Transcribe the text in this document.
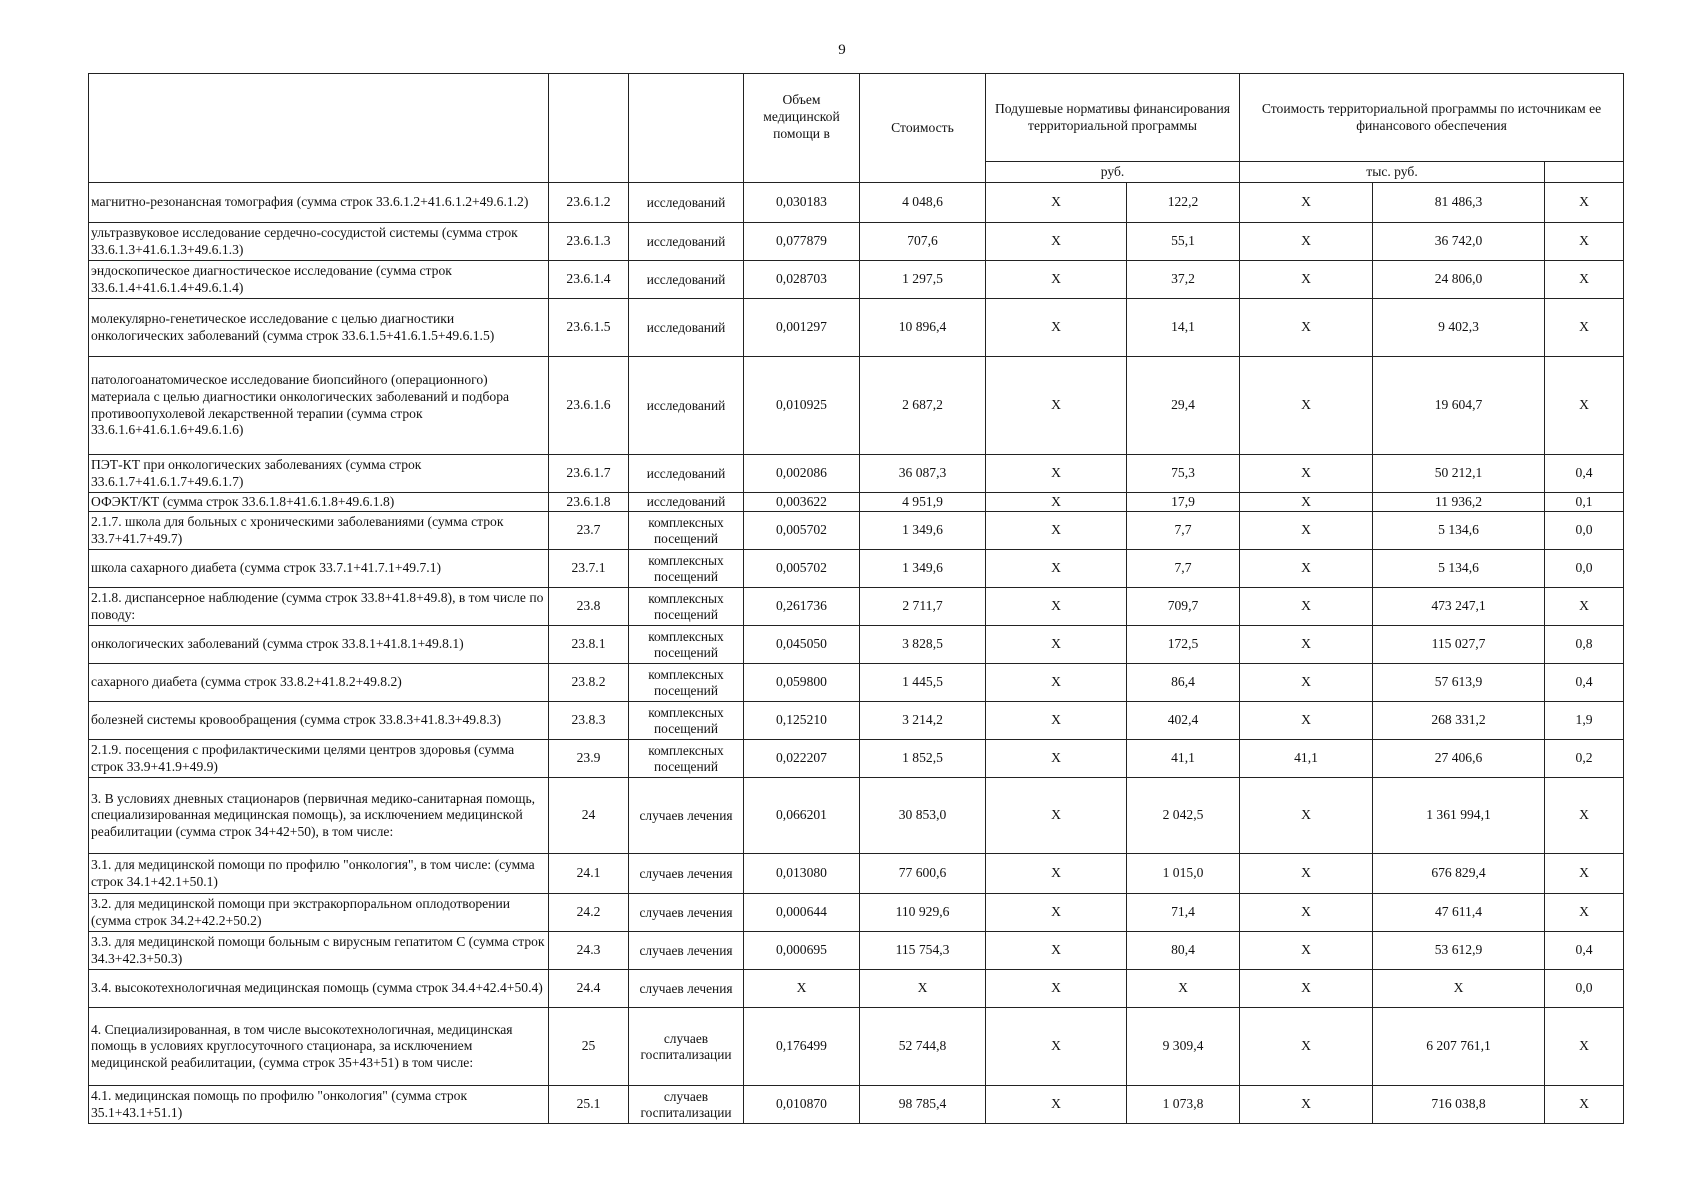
9

			Объем медицинской помощи в	Стоимость	Подушевые нормативы финансирования территориальной программы		Стоимость территориальной программы по источникам ее финансового обеспечения		
					руб.		тыс. руб.		
магнитно-резонансная томография (сумма строк 33.6.1.2+41.6.1.2+49.6.1.2)	23.6.1.2	исследований	0,030183	4 048,6	X	122,2	X	81 486,3	X
ультразвуковое исследование сердечно-сосудистой системы (сумма строк 33.6.1.3+41.6.1.3+49.6.1.3)	23.6.1.3	исследований	0,077879	707,6	X	55,1	X	36 742,0	X
эндоскопическое диагностическое исследование (сумма строк 33.6.1.4+41.6.1.4+49.6.1.4)	23.6.1.4	исследований	0,028703	1 297,5	X	37,2	X	24 806,0	X
молекулярно-генетическое исследование с целью диагностики онкологических заболеваний (сумма строк 33.6.1.5+41.6.1.5+49.6.1.5)	23.6.1.5	исследований	0,001297	10 896,4	X	14,1	X	9 402,3	X
патологоанатомическое исследование биопсийного (операционного) материала с целью диагностики онкологических заболеваний и подбора противоопухолевой лекарственной терапии (сумма строк 33.6.1.6+41.6.1.6+49.6.1.6)	23.6.1.6	исследований	0,010925	2 687,2	X	29,4	X	19 604,7	X
ПЭТ-КТ при онкологических заболеваниях (сумма строк 33.6.1.7+41.6.1.7+49.6.1.7)	23.6.1.7	исследований	0,002086	36 087,3	X	75,3	X	50 212,1	0,4
ОФЭКТ/КТ (сумма строк 33.6.1.8+41.6.1.8+49.6.1.8)	23.6.1.8	исследований	0,003622	4 951,9	X	17,9	X	11 936,2	0,1
2.1.7. школа для больных с хроническими заболеваниями (сумма строк 33.7+41.7+49.7)	23.7	комплексных посещений	0,005702	1 349,6	X	7,7	X	5 134,6	0,0
школа сахарного диабета (сумма строк 33.7.1+41.7.1+49.7.1)	23.7.1	комплексных посещений	0,005702	1 349,6	X	7,7	X	5 134,6	0,0
2.1.8. диспансерное наблюдение (сумма строк 33.8+41.8+49.8), в том числе по поводу:	23.8	комплексных посещений	0,261736	2 711,7	X	709,7	X	473 247,1	X
онкологических заболеваний (сумма строк 33.8.1+41.8.1+49.8.1)	23.8.1	комплексных посещений	0,045050	3 828,5	X	172,5	X	115 027,7	0,8
сахарного диабета (сумма строк 33.8.2+41.8.2+49.8.2)	23.8.2	комплексных посещений	0,059800	1 445,5	X	86,4	X	57 613,9	0,4
болезней системы кровообращения (сумма строк 33.8.3+41.8.3+49.8.3)	23.8.3	комплексных посещений	0,125210	3 214,2	X	402,4	X	268 331,2	1,9
2.1.9. посещения с профилактическими целями центров здоровья (сумма строк 33.9+41.9+49.9)	23.9	комплексных посещений	0,022207	1 852,5	X	41,1	41,1	27 406,6	0,2
3. В условиях дневных стационаров (первичная медико-санитарная помощь, специализированная медицинская помощь), за исключением медицинской реабилитации (сумма строк 34+42+50), в том числе:	24	случаев лечения	0,066201	30 853,0	X	2 042,5	X	1 361 994,1	X
3.1. для медицинской помощи по профилю "онкология", в том числе: (сумма строк 34.1+42.1+50.1)	24.1	случаев лечения	0,013080	77 600,6	X	1 015,0	X	676 829,4	X
3.2. для медицинской помощи при экстракорпоральном оплодотворении (сумма строк 34.2+42.2+50.2)	24.2	случаев лечения	0,000644	110 929,6	X	71,4	X	47 611,4	X
3.3. для медицинской помощи больным с вирусным гепатитом С (сумма строк 34.3+42.3+50.3)	24.3	случаев лечения	0,000695	115 754,3	X	80,4	X	53 612,9	0,4
3.4. высокотехнологичная медицинская помощь (сумма строк 34.4+42.4+50.4)	24.4	случаев лечения	X	X	X	X	X	X	0,0
4. Специализированная, в том числе высокотехнологичная, медицинская помощь в условиях круглосуточного стационара, за исключением медицинской реабилитации, (сумма строк 35+43+51) в том числе:	25	случаев госпитализации	0,176499	52 744,8	X	9 309,4	X	6 207 761,1	X
4.1. медицинская помощь по профилю "онкология" (сумма строк 35.1+43.1+51.1)	25.1	случаев госпитализации	0,010870	98 785,4	X	1 073,8	X	716 038,8	X
